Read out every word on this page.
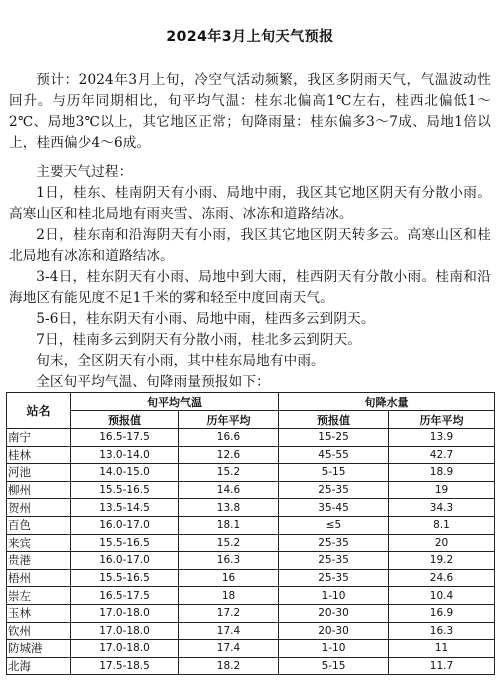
2024年3月上旬天气预报

预计：2024年3月上旬，冷空气活动频繁，我区多阴雨天气，气温波动性回升。与历年同期相比，旬平均气温：桂东北偏高1℃左右，桂西北偏低1～2℃、局地3℃以上，其它地区正常；旬降雨量：桂东偏多3～7成、局地1倍以上，桂西偏少4～6成。

主要天气过程：

1日，桂东、桂南阴天有小雨、局地中雨，我区其它地区阴天有分散小雨。高寒山区和桂北局地有雨夹雪、冻雨、冰冻和道路结冰。

2日，桂东南和沿海阴天有小雨，我区其它地区阴天转多云。高寒山区和桂北局地有冰冻和道路结冰。

3-4日，桂东阴天有小雨、局地中到大雨，桂西阴天有分散小雨。桂南和沿海地区有能见度不足1千米的雾和轻至中度回南天气。

5-6日，桂东阴天有小雨、局地中雨，桂西多云到阴天。

7日，桂南多云到阴天有分散小雨，桂北多云到阴天。

旬末，全区阴天有小雨，其中桂东局地有中雨。

全区旬平均气温、旬降雨量预报如下：

站名	旬平均气温		旬降水量	
	预报值	历年平均	预报值	历年平均
南宁	16.5-17.5	16.6	15-25	13.9
桂林	13.0-14.0	12.6	45-55	42.7
河池	14.0-15.0	15.2	5-15	18.9
柳州	15.5-16.5	14.6	25-35	19
贺州	13.5-14.5	13.8	35-45	34.3
百色	16.0-17.0	18.1	≤5	8.1
来宾	15.5-16.5	15.2	25-35	20
贵港	16.0-17.0	16.3	25-35	19.2
梧州	15.5-16.5	16	25-35	24.6
崇左	16.5-17.5	18	1-10	10.4
玉林	17.0-18.0	17.2	20-30	16.9
钦州	17.0-18.0	17.4	20-30	16.3
防城港	17.0-18.0	17.4	1-10	11
北海	17.5-18.5	18.2	5-15	11.7
